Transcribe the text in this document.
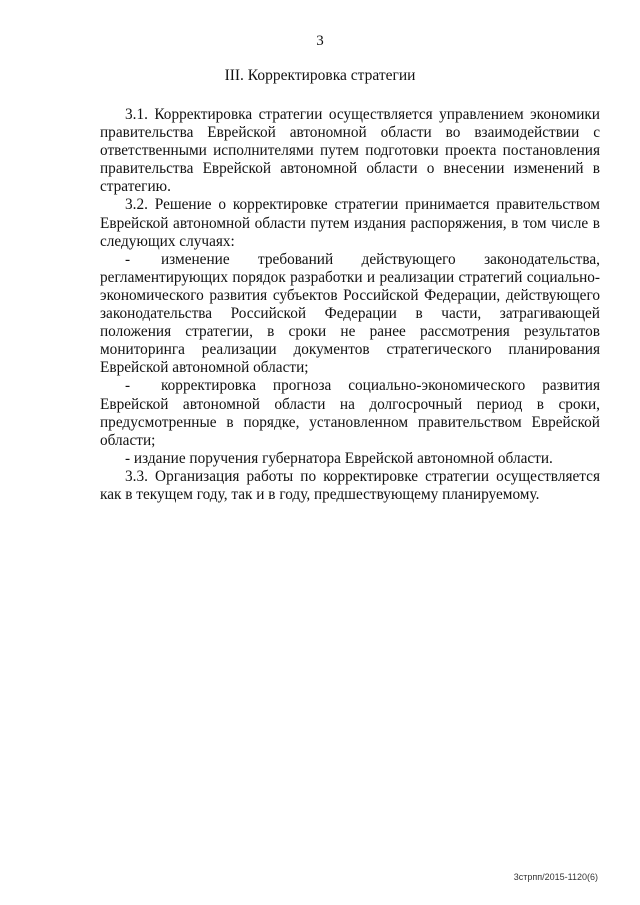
3
III. Корректировка стратегии

3.1. Корректировка стратегии осуществляется управлением экономики правительства Еврейской автономной области во взаимодействии с ответственными исполнителями путем подготовки проекта постановления правительства Еврейской автономной области о внесении изменений в стратегию.

3.2. Решение о корректировке стратегии принимается правительством Еврейской автономной области путем издания распоряжения, в том числе в следующих случаях:

- изменение требований действующего законодательства, регламентирующих порядок разработки и реализации стратегий социально-экономического развития субъектов Российской Федерации, действующего законодательства Российской Федерации в части, затрагивающей положения стратегии, в сроки не ранее рассмотрения результатов мониторинга реализации документов стратегического планирования Еврейской автономной области;

- корректировка прогноза социально-экономического развития Еврейской автономной области на долгосрочный период в сроки, предусмотренные в порядке, установленном правительством Еврейской области;

- издание поручения губернатора Еврейской автономной области.

3.3. Организация работы по корректировке стратегии осуществляется как в текущем году, так и в году, предшествующему планируемому.

3стрпп/2015-1120(6)
